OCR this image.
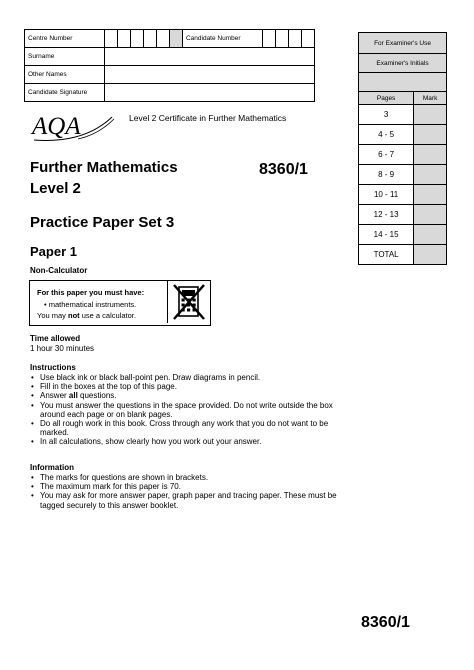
Centre Number							Candidate Number				
Surname											
Other Names											
Candidate Signature											
For Examiner's Use	
Examiner's Initials	

Pages	Mark
3	
4 - 5	
6 - 7	
8 - 9	
10 - 11	
12 - 13	
14 - 15	
TOTAL	
AQA	Level 2 Certificate in Further Mathematics
Further Mathematics
Level 2
8360/1
Practice Paper Set 3
Paper 1
Non-Calculator
For this paper you must have:
• mathematical instruments.
You may not use a calculator.
Time allowed
1 hour 30 minutes
Instructions
• Use black ink or black ball-point pen. Draw diagrams in pencil.
• Fill in the boxes at the top of this page.
• Answer all questions.
• You must answer the questions in the space provided. Do not write outside the box around each page or on blank pages.
• Do all rough work in this book. Cross through any work that you do not want to be marked.
• In all calculations, show clearly how you work out your answer.
Information
• The marks for questions are shown in brackets.
• The maximum mark for this paper is 70.
• You may ask for more answer paper, graph paper and tracing paper. These must be tagged securely to this answer booklet.
8360/1
